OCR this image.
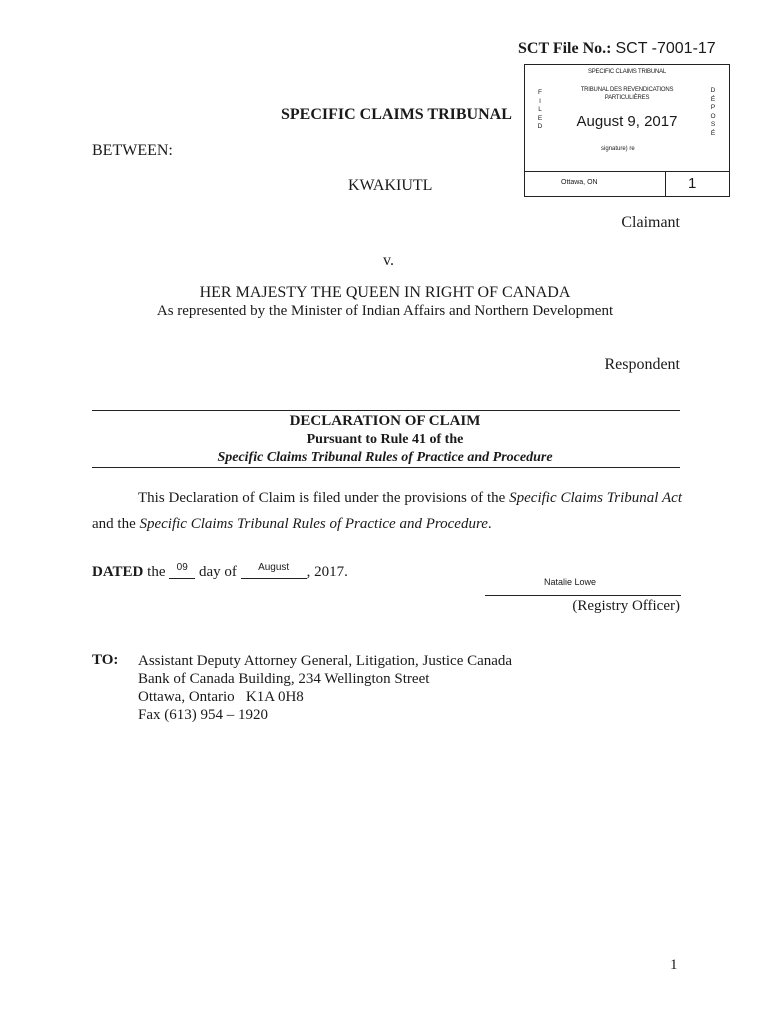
SCT File No.: SCT -7001-17
SPECIFIC CLAIMS TRIBUNAL
TRIBUNAL DES REVENDICATIONS
PARTICULIÈRES
F
I
L
E
D
D
É
P
O
S
É
August 9, 2017
signature) re
Ottawa, ON	1
SPECIFIC CLAIMS TRIBUNAL
BETWEEN:
KWAKIUTL
Claimant
v.
HER MAJESTY THE QUEEN IN RIGHT OF CANADA
As represented by the Minister of Indian Affairs and Northern Development
Respondent
DECLARATION OF CLAIM
Pursuant to Rule 41 of the
Specific Claims Tribunal Rules of Practice and Procedure
This Declaration of Claim is filed under the provisions of the Specific Claims Tribunal Act and the Specific Claims Tribunal Rules of Practice and Procedure.
DATED the $^{09}$ day of $^{August}$ , 2017.
Natalie Lowe
(Registry Officer)
TO: Assistant Deputy Attorney General, Litigation, Justice Canada
Bank of Canada Building, 234 Wellington Street
Ottawa, Ontario   K1A 0H8
Fax (613) 954 – 1920
1
